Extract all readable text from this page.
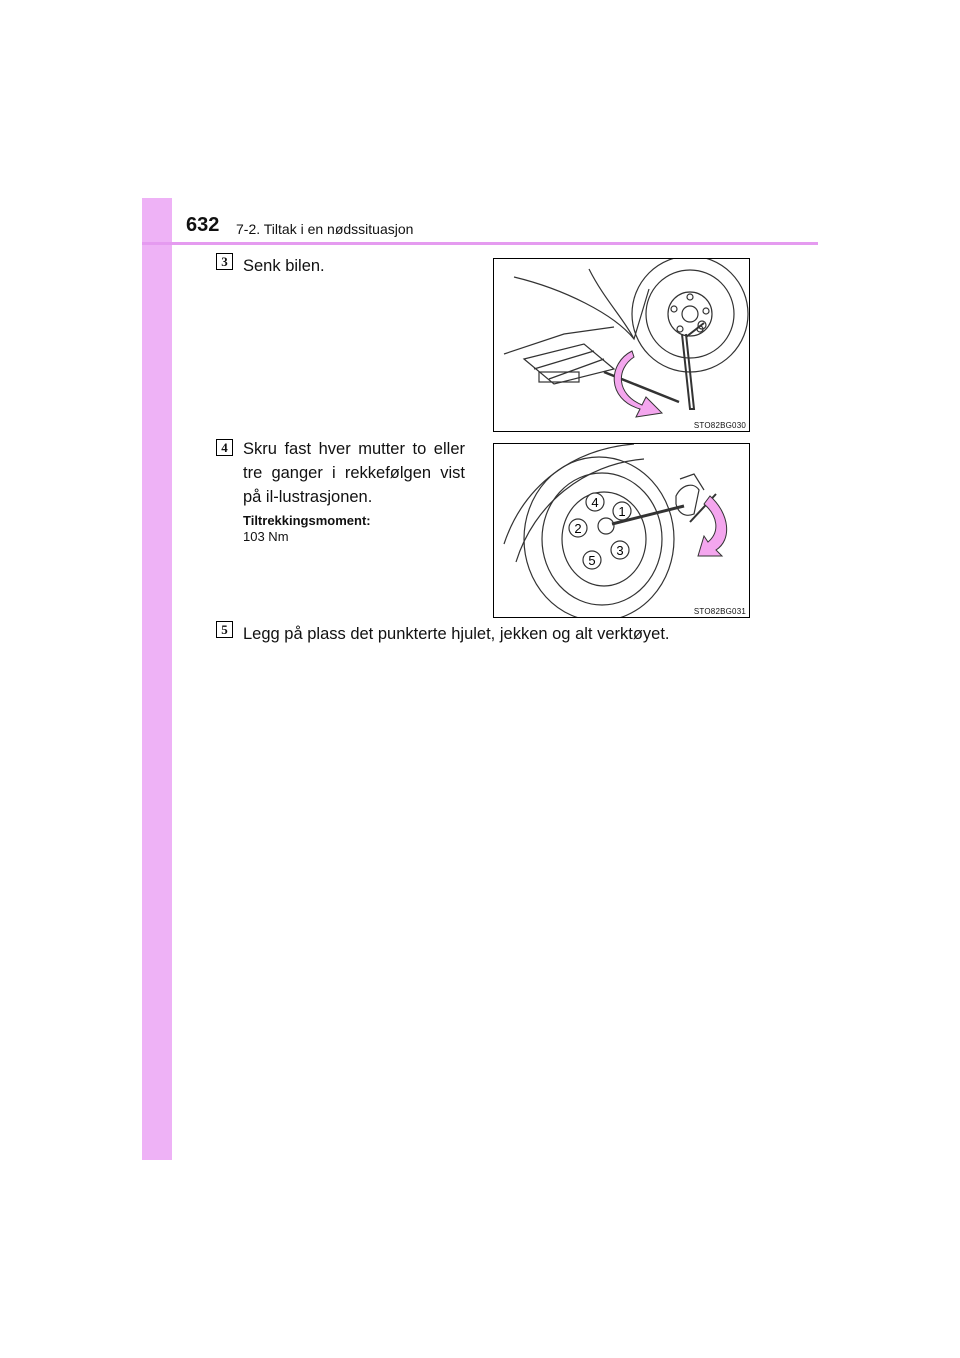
632 7-2. Tiltak i en nødssituasjon
3 Senk bilen.
STO82BG030
4 Skru fast hver mutter to eller tre ganger i rekkefølgen vist på il-lustrasjonen.
Tiltrekkingsmoment:
103 Nm
4
1
2
3
5
STO82BG031
5 Legg på plass det punkterte hjulet, jekken og alt verktøyet.
